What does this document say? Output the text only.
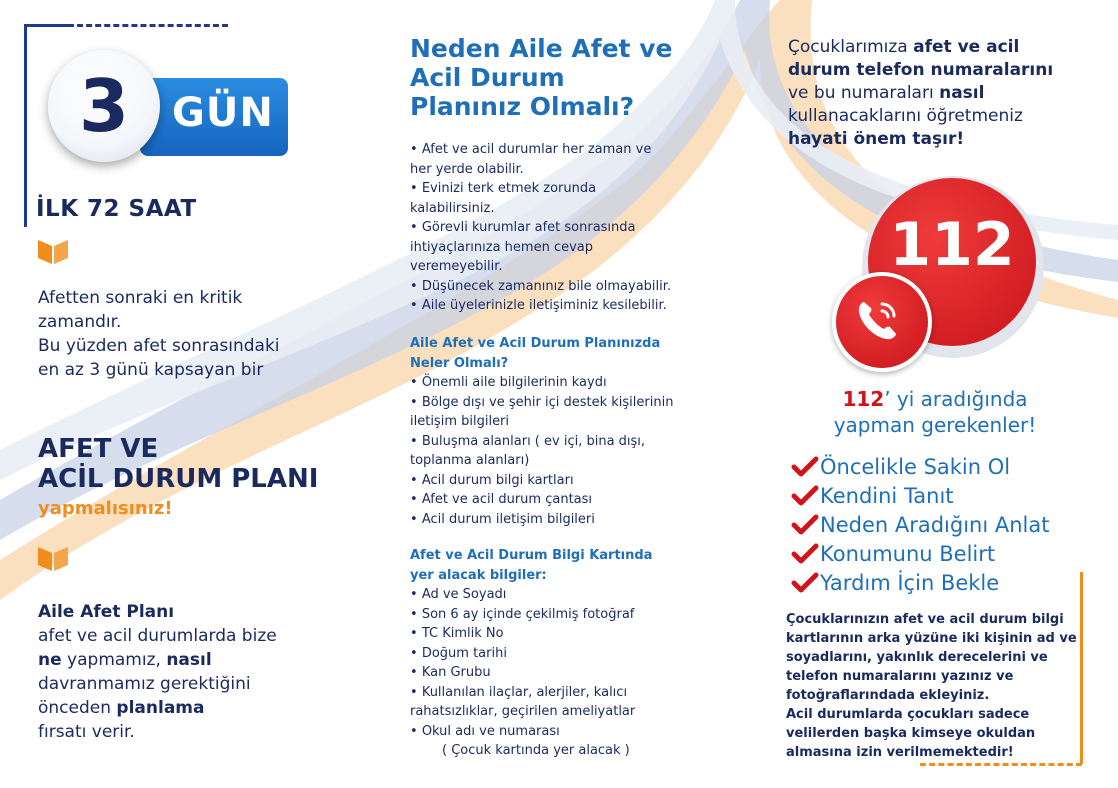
GÜN
3
İLK 72 SAAT
Afetten sonraki en kritik
zamandır.
Bu yüzden afet sonrasındaki
en az 3 günü kapsayan bir
AFET VE
ACİL DURUM PLANI
yapmalısınız!
Aile Afet Planı
afet ve acil durumlarda bize
ne yapmamız, nasıl
davranmamız gerektiğini
önceden planlama
fırsatı verir.
Neden Aile Afet ve
Acil Durum
Planınız Olmalı?
• Afet ve acil durumlar her zaman ve
her yerde olabilir.
• Evinizi terk etmek zorunda
kalabilirsiniz.
• Görevli kurumlar afet sonrasında
ihtiyaçlarınıza hemen cevap
veremeyebilir.
• Düşünecek zamanınız bile olmayabilir.
• Aile üyelerinizle iletişiminiz kesilebilir.
Aile Afet ve Acil Durum Planınızda
Neler Olmalı?
• Önemli aile bilgilerinin kaydı
• Bölge dışı ve şehir içi destek kişilerinin
iletişim bilgileri
• Buluşma alanları ( ev içi, bina dışı,
toplanma alanları)
• Acil durum bilgi kartları
• Afet ve acil durum çantası
• Acil durum iletişim bilgileri
Afet ve Acil Durum Bilgi Kartında
yer alacak bilgiler:
• Ad ve Soyadı
• Son 6 ay içinde çekilmiş fotoğraf
• TC Kimlik No
• Doğum tarihi
• Kan Grubu
• Kullanılan ilaçlar, alerjiler, kalıcı
rahatsızlıklar, geçirilen ameliyatlar
• Okul adı ve numarası
( Çocuk kartında yer alacak )
Çocuklarımıza afet ve acil
durum telefon numaralarını
ve bu numaraları nasıl
kullanacaklarını öğretmeniz
hayati önem taşır!
112
112’ yi aradığında
yapman gerekenler!
Öncelikle Sakin Ol
Kendini Tanıt
Neden Aradığını Anlat
Konumunu Belirt
Yardım İçin Bekle
Çocuklarınızın afet ve acil durum bilgi
kartlarının arka yüzüne iki kişinin ad ve
soyadlarını, yakınlık derecelerini ve
telefon numaralarını yazınız ve
fotoğraflarındada ekleyiniz.
Acil durumlarda çocukları sadece
velilerden başka kimseye okuldan
almasına izin verilmemektedir!
